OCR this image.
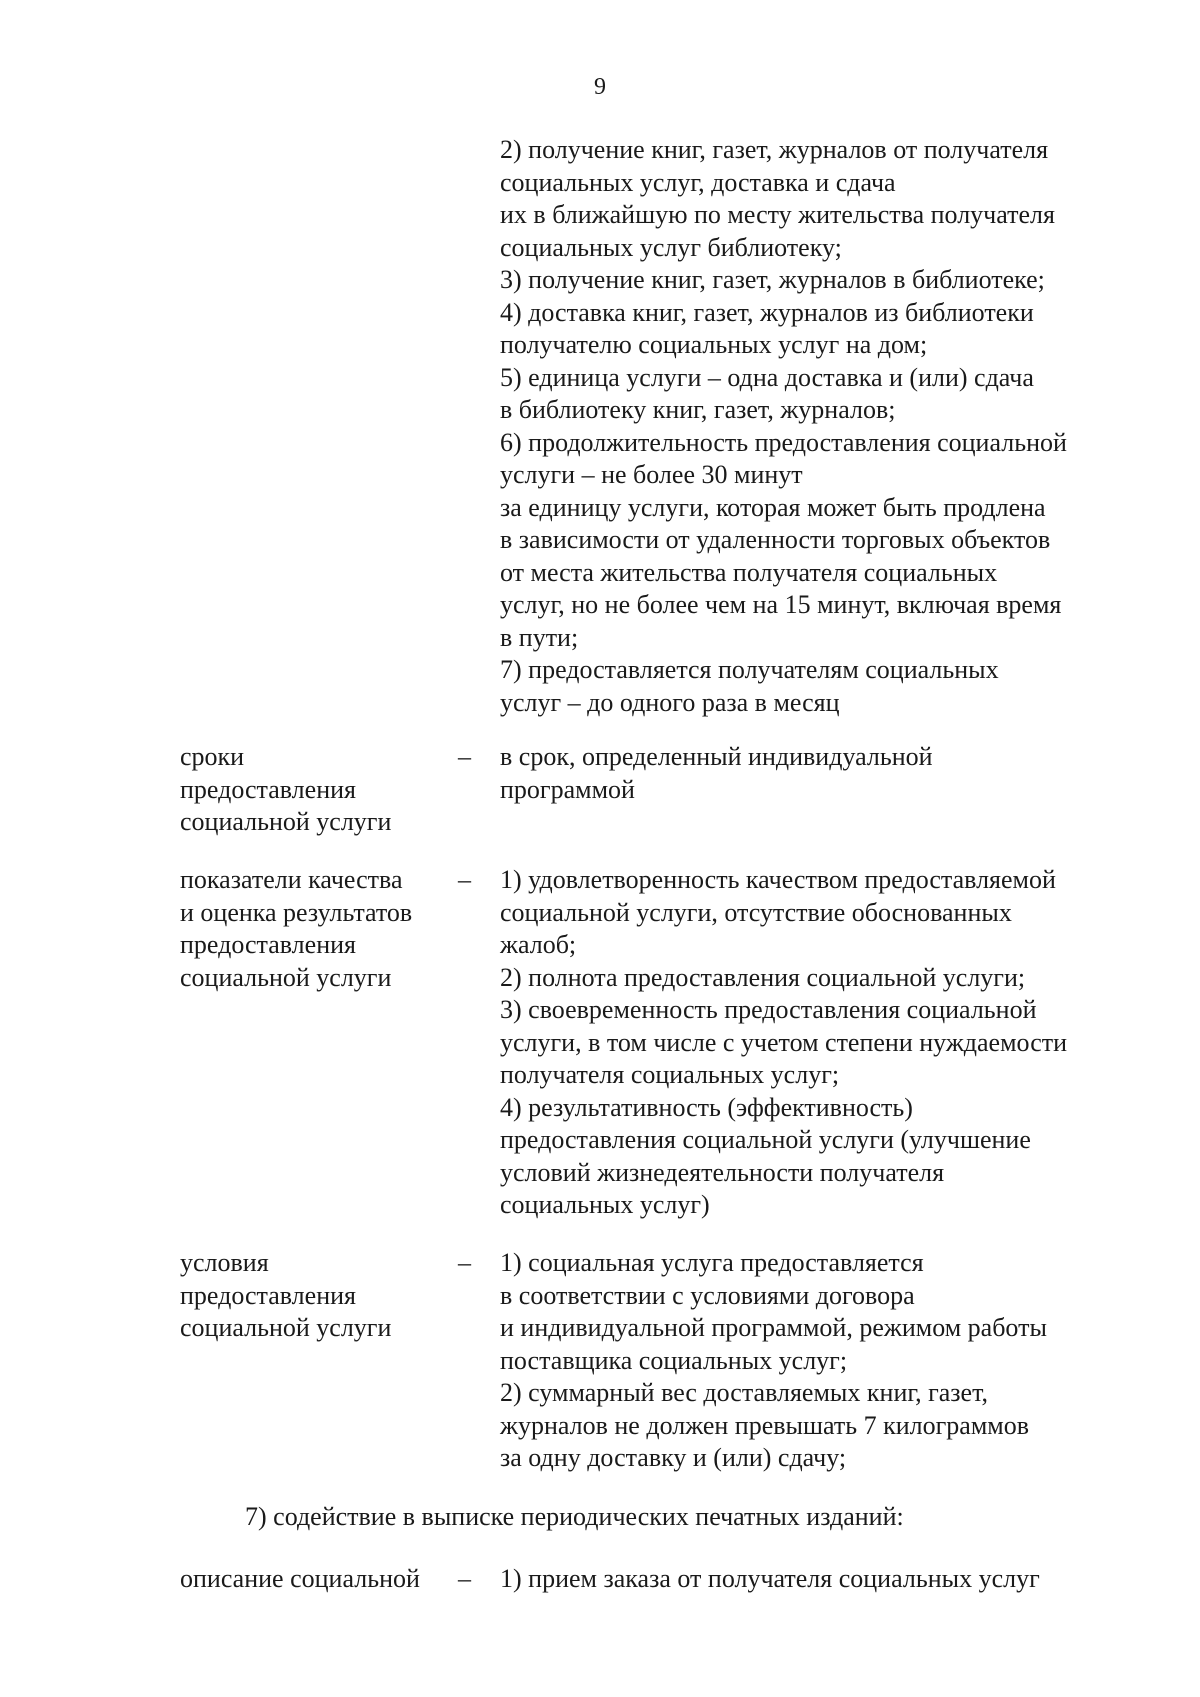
9
2) получение книг, газет, журналов от получателя
социальных услуг, доставка и сдача
их в ближайшую по месту жительства получателя
социальных услуг библиотеку;
3) получение книг, газет, журналов в библиотеке;
4) доставка книг, газет, журналов из библиотеки
получателю социальных услуг на дом;
5) единица услуги – одна доставка и (или) сдача
в библиотеку книг, газет, журналов;
6) продолжительность предоставления социальной
услуги – не более 30 минут
за единицу услуги, которая может быть продлена
в зависимости от удаленности торговых объектов
от места жительства получателя социальных
услуг, но не более чем на 15 минут, включая время
в пути;
7) предоставляется получателям социальных
услуг – до одного раза в месяц
сроки
предоставления
социальной услуги
– в срок, определенный индивидуальной
программой
показатели качества
и оценка результатов
предоставления
социальной услуги
– 1) удовлетворенность качеством предоставляемой
социальной услуги, отсутствие обоснованных
жалоб;
2) полнота предоставления социальной услуги;
3) своевременность предоставления социальной
услуги, в том числе с учетом степени нуждаемости
получателя социальных услуг;
4) результативность (эффективность)
предоставления социальной услуги (улучшение
условий жизнедеятельности получателя
социальных услуг)
условия
предоставления
социальной услуги
– 1) социальная услуга предоставляется
в соответствии с условиями договора
и индивидуальной программой, режимом работы
поставщика социальных услуг;
2) суммарный вес доставляемых книг, газет,
журналов не должен превышать 7 килограммов
за одну доставку и (или) сдачу;
7) содействие в выписке периодических печатных изданий:
описание социальной	– 1) прием заказа от получателя социальных услуг
